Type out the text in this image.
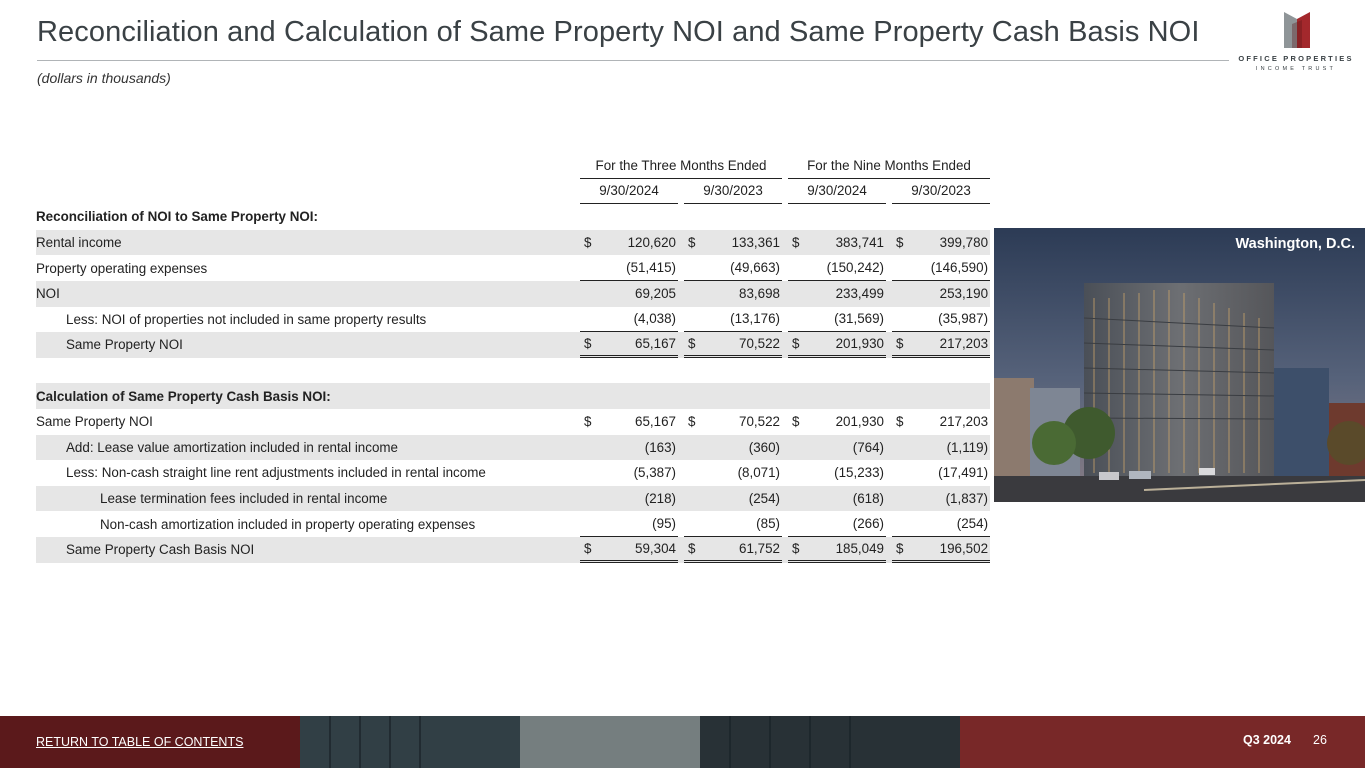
Reconciliation and Calculation of Same Property NOI and Same Property Cash Basis NOI
(dollars in thousands)
OFFICE PROPERTIES
INCOME TRUST
		For the Three Months Ended				For the Nine Months Ended		
		9/30/2024		9/30/2023		9/30/2024		9/30/2023
Reconciliation of NOI to Same Property NOI:								
Rental income		$ 120,620		$ 133,361		$ 383,741		$ 399,780

Property operating expenses		(51,415)		(49,663)		(150,242)		(146,590)

NOI		69,205		83,698		233,499		253,190

Less: NOI of properties not included in same property results		(4,038)		(13,176)		(31,569)		(35,987)

Same Property NOI		$ 65,167		$ 70,522		$ 201,930		$ 217,203

Calculation of Same Property Cash Basis NOI:								
Same Property NOI		$ 65,167		$ 70,522		$ 201,930		$ 217,203

Add: Lease value amortization included in rental income		(163)		(360)		(764)		(1,119)

Less: Non-cash straight line rent adjustments included in rental income		(5,387)		(8,071)		(15,233)		(17,491)

Lease termination fees included in rental income		(218)		(254)		(618)		(1,837)

Non-cash amortization included in property operating expenses		(95)		(85)		(266)		(254)

Same Property Cash Basis NOI		$ 59,304		$ 61,752		$ 185,049		$ 196,502
Washington, D.C.
RETURN TO TABLE OF CONTENTS	Q3 2024 26
